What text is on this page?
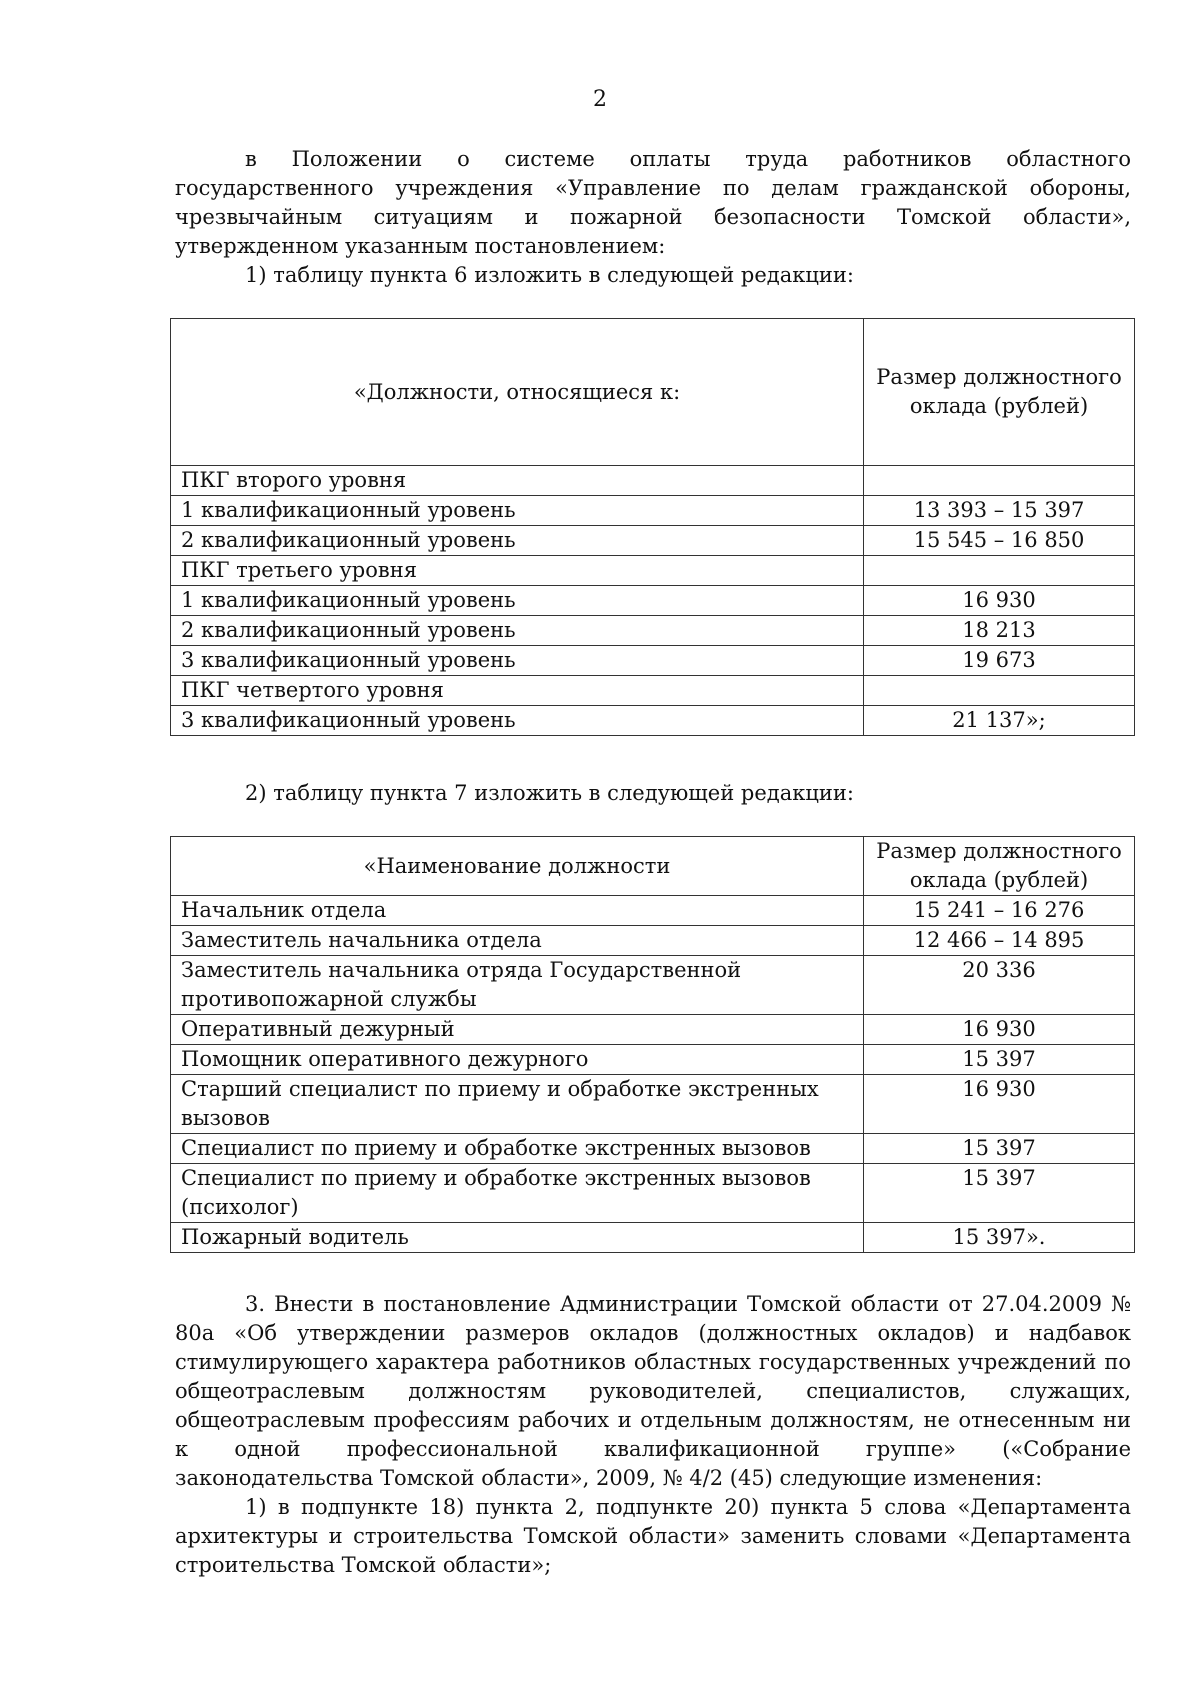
2

в Положении о системе оплаты труда работников областного государственного учреждения «Управление по делам гражданской обороны, чрезвычайным ситуациям и пожарной безопасности Томской области», утвержденном указанным постановлением:

1) таблицу пункта 6 изложить в следующей редакции:

«Должности, относящиеся к:	Размер должностного оклада (рублей)
ПКГ второго уровня	
1 квалификационный уровень	13 393 – 15 397
2 квалификационный уровень	15 545 – 16 850
ПКГ третьего уровня	
1 квалификационный уровень	16 930
2 квалификационный уровень	18 213
3 квалификационный уровень	19 673
ПКГ четвертого уровня	
3 квалификационный уровень	21 137»;

2) таблицу пункта 7 изложить в следующей редакции:

«Наименование должности	Размер должностного оклада (рублей)
Начальник отдела	15 241 – 16 276
Заместитель начальника отдела	12 466 – 14 895
Заместитель начальника отряда Государственной противопожарной службы	20 336
Оперативный дежурный	16 930
Помощник оперативного дежурного	15 397
Старший специалист по приему и обработке экстренных вызовов	16 930
Специалист по приему и обработке экстренных вызовов	15 397
Специалист по приему и обработке экстренных вызовов (психолог)	15 397
Пожарный водитель	15 397».

3. Внести в постановление Администрации Томской области от 27.04.2009 № 80а «Об утверждении размеров окладов (должностных окладов) и надбавок стимулирующего характера работников областных государственных учреждений по общеотраслевым должностям руководителей, специалистов, служащих, общеотраслевым профессиям рабочих и отдельным должностям, не отнесенным ни к одной профессиональной квалификационной группе» («Собрание законодательства Томской области», 2009, № 4/2 (45) следующие изменения:

1) в подпункте 18) пункта 2, подпункте 20) пункта 5 слова «Департамента архитектуры и строительства Томской области» заменить словами «Департамента строительства Томской области»;
